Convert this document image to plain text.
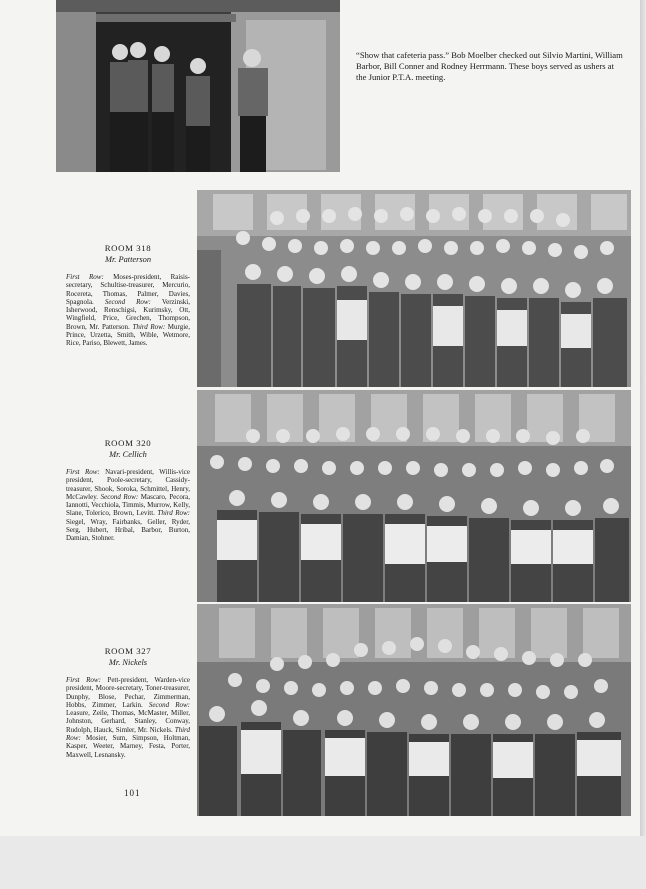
“Show that cafeteria pass.” Bob Moelber checked out Silvio Martini, William Barbor, Bill Conner and Rodney Herrmann. These boys served as ushers at the Junior P.T.A. meeting.
ROOM 318
Mr. Patterson
First Row: Moses-president, Raisis-secretary, Schultise-treasurer, Mercurio, Rocereta, Thomas, Palmer, Davies, Spagnola. Second Row: Verzinski, Isherwood, Renschigsi, Kurimsky, Ott, Wingfield, Price, Grechen, Thompson, Brown, Mr. Patterson. Third Row: Murgie, Prince, Urzetta, Smith, Wible, Wetmore, Rice, Pariso, Blewett, James.
ROOM 320
Mr. Cellich
First Row: Navari-president, Willis-vice president, Poole-secretary, Cassidy-treasurer, Shook, Soroka, Schmittel, Henry, McCawley. Second Row: Mascaro, Pecora, Iannotti, Vecchiola, Timmis, Murrow, Kelly, Slane, Tolerico, Brown, Levitt. Third Row: Siegel, Wray, Fairbanks, Geller, Ryder, Serg, Hubert, Hribal, Barbor, Burton, Damian, Stohner.
ROOM 327
Mr. Nickels
First Row: Pett-president, Warden-vice president, Moore-secretary, Toner-treasurer, Dunphy, Blose, Pechar, Zimmerman, Hobbs, Zimmer, Larkin. Second Row: Leasure, Zeile, Thomas, McMaster, Miller, Johnston, Gerhard, Stanley, Conway, Rudolph, Hauck, Simler, Mr. Nickels. Third Row: Mosier, Sum, Simpson, Holtman, Kasper, Weeter, Marney, Festa, Porter, Maxwell, Lesnansky.
101
